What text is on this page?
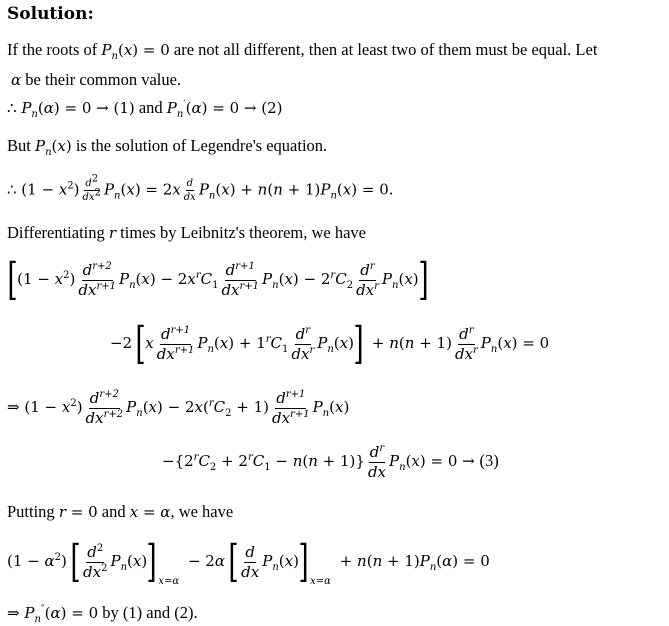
Solution:
If the roots of $P_n(x) = 0$ are not all different, then at least two of them must be equal. Let
α be their common value.
∴ $P_n(\alpha) = 0 \to (1)$ and $P_n'(\alpha) = 0 \to (2)$
But $P_n(x)$ is the solution of Legendre's equation.
∴ $(1 - x^2) \frac{d^2}{dx^2} P_n(x) = 2x \frac{d}{dx} P_n(x) + n(n + 1)P_n(x) = 0$.
Differentiating r times by Leibnitz's theorem, we have
$[(1 - x^2) \frac{d^{r+2}}{dx^{r+1}} P_n(x) - 2x^rC_1 \frac{d^{r+1}}{dx^{r+1}} P_n(x) - 2^rC_2 \frac{d^r}{dx^r} P_n(x)]$
$-2[x \frac{d^{r+1}}{dx^{r+1}} P_n(x) + 1^rC_1 \frac{d^r}{dx^r} P_n(x)] + n(n + 1) \frac{d^r}{dx^r} P_n(x) = 0$
⇒ $(1 - x^2) \frac{d^{r+2}}{dx^{r+2}} P_n(x) - 2x(^rC_2 + 1) \frac{d^{r+1}}{dx^{r+1}} P_n(x)$
$-\{2^rC_2 + 2^rC_1 - n(n + 1)\} \frac{d^r}{dx} P_n(x) = 0 \to (3)$
Putting r = 0 and x = α, we have
$(1 - \alpha^2)[ \frac{d^2}{dx^2} P_n(x)]_{x=\alpha} - 2\alpha[ \frac{d}{dx} P_n(x)]_{x=\alpha} + n(n + 1)P_n(\alpha) = 0$
⇒ $P_n''(\alpha) = 0$ by (1) and (2).
